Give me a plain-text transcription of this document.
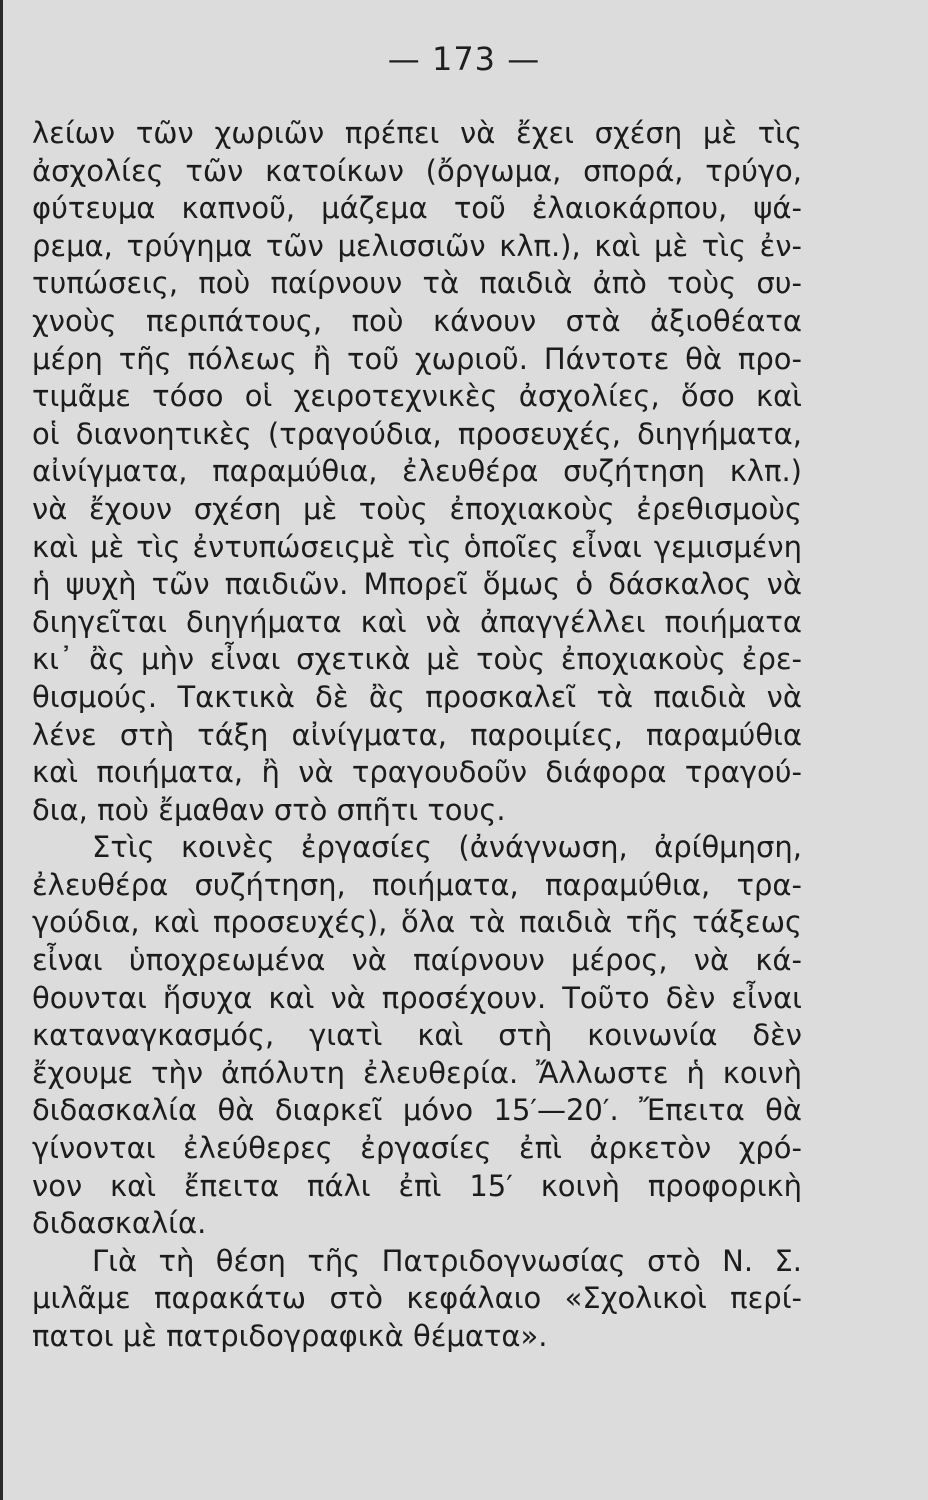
— 173 —
λείων τῶν χωριῶν πρέπει νὰ ἔχει σχέση μὲ τὶς
ἀσχολίες τῶν κατοίκων (ὄργωμα, σπορά, τρύγο,
φύτευμα καπνοῦ, μάζεμα τοῦ ἐλαιοκάρπου, ψά-
ρεμα, τρύγημα τῶν μελισσιῶν κλπ.), καὶ μὲ τὶς ἐν-
τυπώσεις, ποὺ παίρνουν τὰ παιδιὰ ἀπὸ τοὺς συ-
χνοὺς περιπάτους, ποὺ κάνουν στὰ ἀξιοθέατα
μέρη τῆς πόλεως ἢ τοῦ χωριοῦ. Πάντοτε θὰ προ-
τιμᾶμε τόσο οἱ χειροτεχνικὲς ἀσχολίες, ὅσο καὶ
οἱ διανοητικὲς (τραγούδια, προσευχές, διηγήματα,
αἰνίγματα, παραμύθια, ἐλευθέρα συζήτηση κλπ.)
νὰ ἔχουν σχέση μὲ τοὺς ἐποχιακοὺς ἐρεθισμοὺς
καὶ μὲ τὶς ἐντυπώσειςμὲ τὶς ὁποῖες εἶναι γεμισμένη
ἡ ψυχὴ τῶν παιδιῶν. Μπορεῖ ὅμως ὁ δάσκαλος νὰ
διηγεῖται διηγήματα καὶ νὰ ἀπαγγέλλει ποιήματα
κι᾿ ἂς μὴν εἶναι σχετικὰ μὲ τοὺς ἐποχιακοὺς ἐρε-
θισμούς. Τακτικὰ δὲ ἂς προσκαλεῖ τὰ παιδιὰ νὰ
λένε στὴ τάξη αἰνίγματα, παροιμίες, παραμύθια
καὶ ποιήματα, ἢ νὰ τραγουδοῦν διάφορα τραγού-
δια, ποὺ ἔμαθαν στὸ σπῆτι τους.
Στὶς κοινὲς ἐργασίες (ἀνάγνωση, ἀρίθμηση,
ἐλευθέρα συζήτηση, ποιήματα, παραμύθια, τρα-
γούδια, καὶ προσευχές), ὅλα τὰ παιδιὰ τῆς τάξεως
εἶναι ὑποχρεωμένα νὰ παίρνουν μέρος, νὰ κά-
θουνται ἥσυχα καὶ νὰ προσέχουν. Τοῦτο δὲν εἶναι
καταναγκασμός, γιατὶ καὶ στὴ κοινωνία δὲν
ἔχουμε τὴν ἀπόλυτη ἐλευθερία. Ἄλλωστε ἡ κοινὴ
διδασκαλία θὰ διαρκεῖ μόνο 15′—20′. Ἔπειτα θὰ
γίνονται ἐλεύθερες ἐργασίες ἐπὶ ἀρκετὸν χρό-
νον καὶ ἔπειτα πάλι ἐπὶ 15′ κοινὴ προφορικὴ
διδασκαλία.
Γιὰ τὴ θέση τῆς Πατριδογνωσίας στὸ Ν. Σ.
μιλᾶμε παρακάτω στὸ κεφάλαιο «Σχολικοὶ περί-
πατοι μὲ πατριδογραφικὰ θέματα».
